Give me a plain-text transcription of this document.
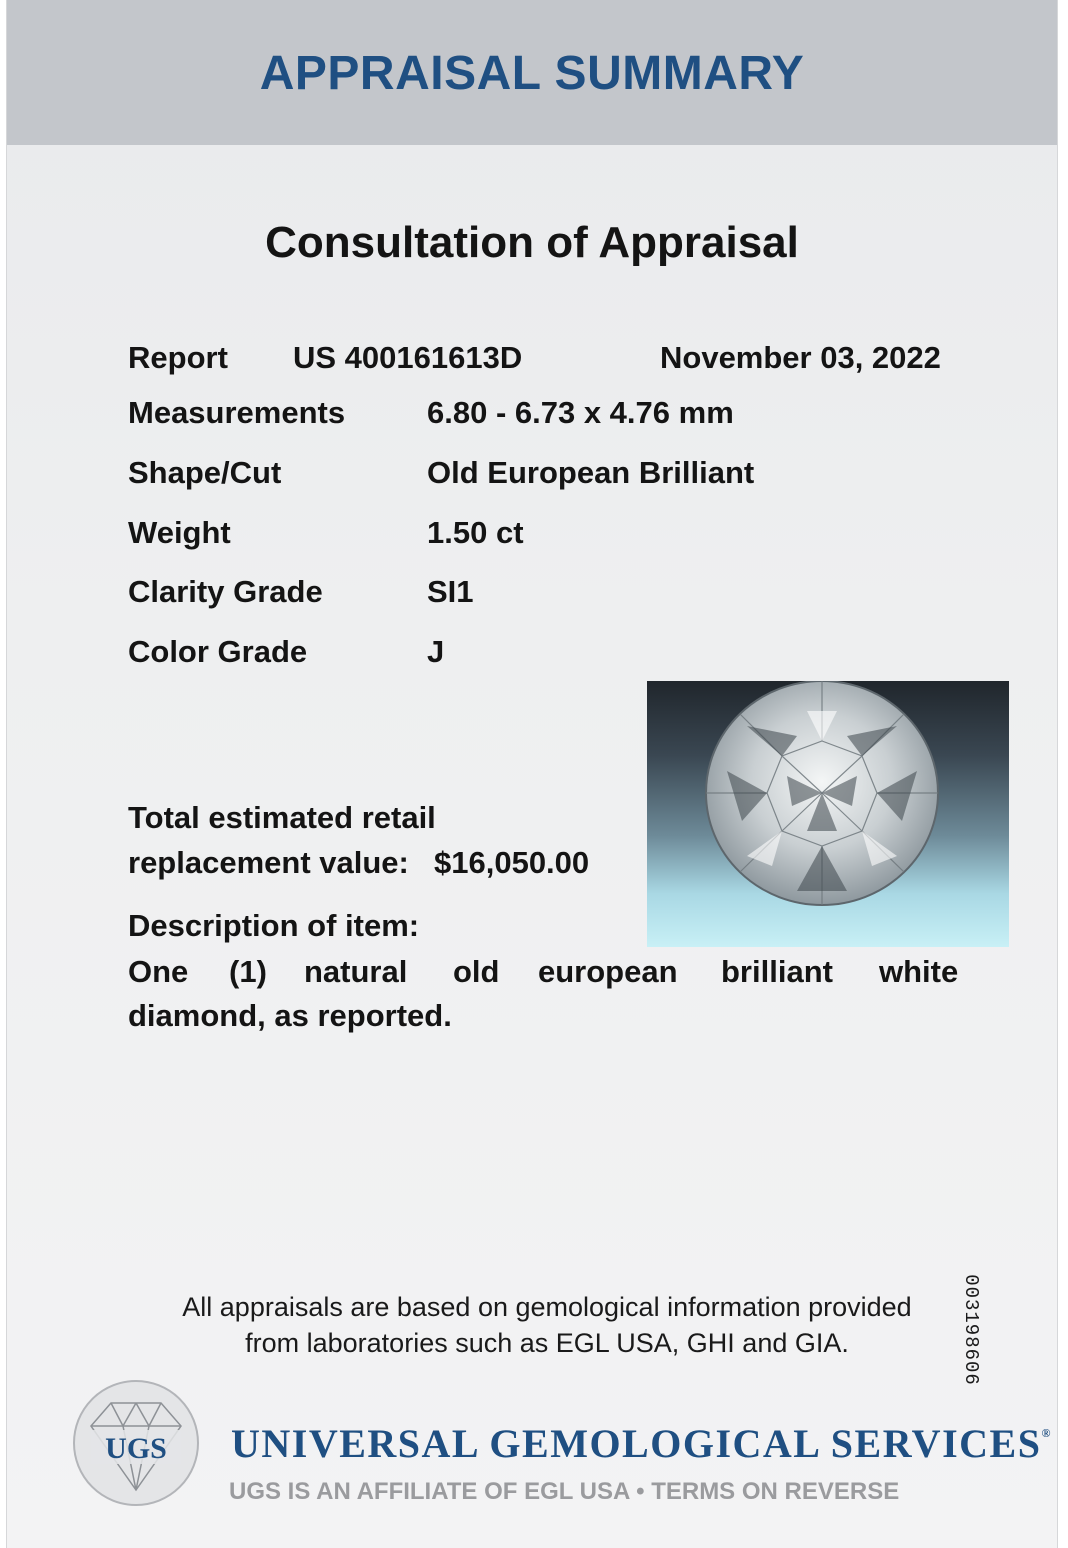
APPRAISAL SUMMARY
Consultation of Appraisal
Report US 400161613D	November 03, 2022
Measurements	6.80 - 6.73 x 4.76 mm
Shape/Cut	Old European Brilliant
Weight	1.50 ct
Clarity Grade	SI1
Color Grade	J
Total estimated retail
replacement value: $16,050.00
Description of item:
One (1) natural old european brilliant white
diamond, as reported.
All appraisals are based on gemological information provided
from laboratories such as EGL USA, GHI and GIA.	003198606
UGS UNIVERSAL GEMOLOGICAL SERVICES®
UGS IS AN AFFILIATE OF EGL USA • TERMS ON REVERSE
